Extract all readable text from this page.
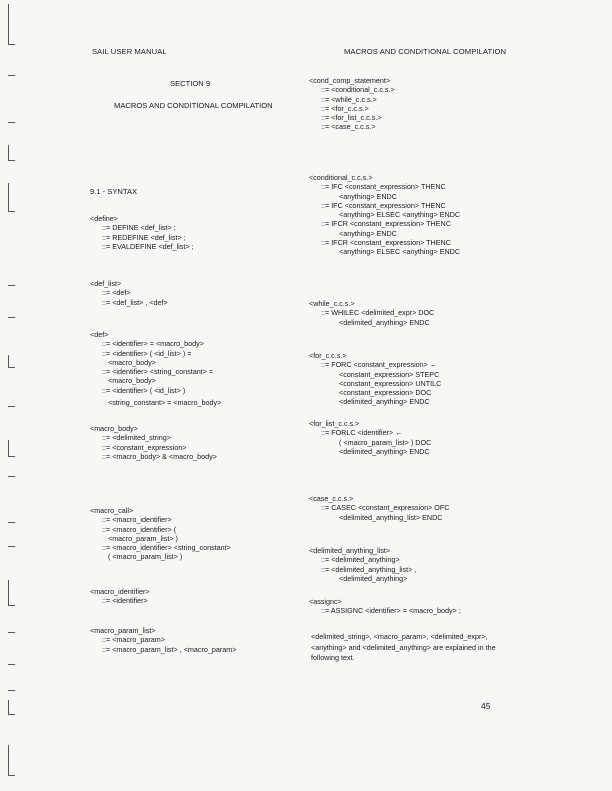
SAIL USER MANUAL	MACROS AND CONDITIONAL COMPILATION
SECTION 9
MACROS AND CONDITIONAL COMPILATION
9.1 - SYNTAX
<define>
::= DEFINE <def_list> ;
::= REDEFINE <def_list> ;
::= EVALDEFINE <def_list> ;
<def_list>
::= <def>
::= <def_list> , <def>
<def>
::= <identifier> = <macro_body>
::= <identifier> ( <id_list> ) =
<macro_body>
::= <identifier> <string_constant> =
<macro_body>
::= <identifier> ( <id_list> )
<string_constant> = <macro_body>
<macro_body>
::= <delimited_string>
::= <constant_expression>
::= <macro_body> & <macro_body>
<macro_call>
::= <macro_identifier>
::= <macro_identifier> (
<macro_param_list> )
::= <macro_identifier> <string_constant>
( <macro_param_list> )
<macro_identifier>
::= <identifier>
<macro_param_list>
::= <macro_param>
::= <macro_param_list> , <macro_param>
<cond_comp_statement>
::= <conditional_c.c.s.>
::= <while_c.c.s.>
::= <for_c.c.s.>
::= <for_list_c.c.s.>
::= <case_c.c.s.>
<conditional_c.c.s.>
::= IFC <constant_expression> THENC
<anything> ENDC
::= IFC <constant_expression> THENC
<anything> ELSEC <anything> ENDC
::= IFCR <constant_expression> THENC
<anything> ENDC
::= IFCR <constant_expression> THENC
<anything> ELSEC <anything> ENDC
<while_c.c.s.>
::= WHILEC <delimited_expr> DOC
<delimited_anything> ENDC
<for_c.c.s.>
::= FORC <constant_expression> ←
<constant_expression> STEPC
<constant_expression> UNTILC
<constant_expression> DOC
<delimited_anything> ENDC
<for_list_c.c.s.>
::= FORLC <identifier> ←
( <macro_param_list> ) DOC
<delimited_anything> ENDC
<case_c.c.s.>
::= CASEC <constant_expression> OFC
<delimited_anything_list> ENDC
<delimited_anything_list>
::= <delimited_anything>
::= <delimited_anything_list> ,
<delimited_anything>
<assignc>
::= ASSIGNC <identifier> = <macro_body> ;
<delimited_string>, <macro_param>, <delimited_expr>, <anything> and <delimited_anything> are explained in the following text.
45
